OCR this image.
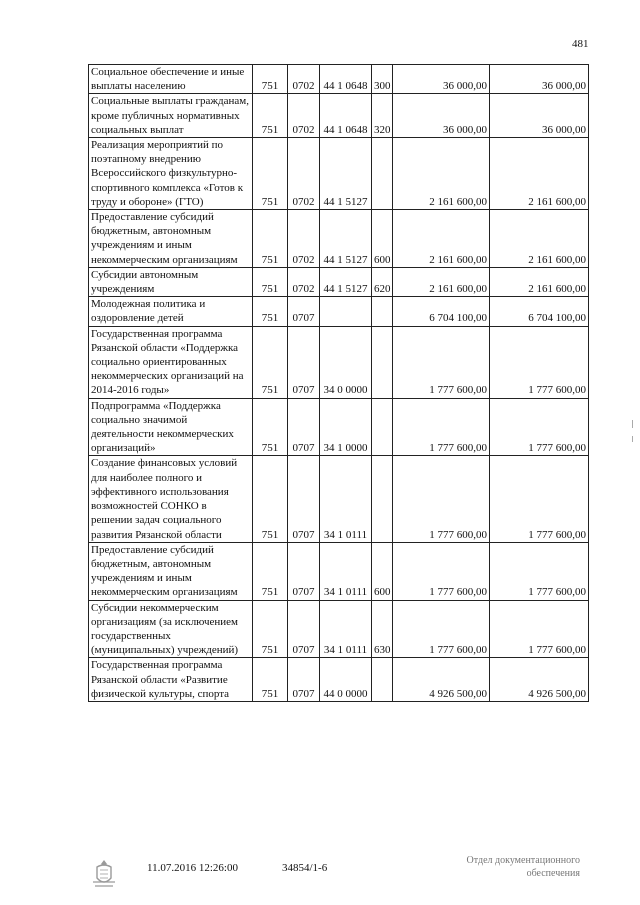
481
Социальное обеспечение и иные выплаты населению	751	0702	44 1 0648	300	36 000,00	36 000,00
Социальные выплаты гражданам, кроме публичных нормативных социальных выплат	751	0702	44 1 0648	320	36 000,00	36 000,00
Реализация мероприятий по поэтапному внедрению Всероссийского физкультурно-спортивного комплекса «Готов к труду и обороне» (ГТО)	751	0702	44 1 5127		2 161 600,00	2 161 600,00
Предоставление субсидий бюджетным, автономным учреждениям и иным некоммерческим организациям	751	0702	44 1 5127	600	2 161 600,00	2 161 600,00
Субсидии автономным учреждениям	751	0702	44 1 5127	620	2 161 600,00	2 161 600,00
Молодежная политика и оздоровление детей	751	0707			6 704 100,00	6 704 100,00
Государственная программа Рязанской области «Поддержка социально ориентированных некоммерческих организаций на 2014-2016 годы»	751	0707	34 0 0000		1 777 600,00	1 777 600,00
Подпрограмма «Поддержка социально значимой деятельности некоммерческих организаций»	751	0707	34 1 0000		1 777 600,00	1 777 600,00
Создание финансовых условий для наиболее полного и эффективного использования возможностей СОНКО в решении задач социального развития Рязанской области	751	0707	34 1 0111		1 777 600,00	1 777 600,00
Предоставление субсидий бюджетным, автономным учреждениям и иным некоммерческим организациям	751	0707	34 1 0111	600	1 777 600,00	1 777 600,00
Субсидии некоммерческим организациям (за исключением государственных (муниципальных) учреждений)	751	0707	34 1 0111	630	1 777 600,00	1 777 600,00
Государственная программа Рязанской области «Развитие физической культуры, спорта	751	0707	44 0 0000		4 926 500,00	4 926 500,00
11.07.2016 12:26:00	34854/1-6
Отдел документационного
обеспечения
